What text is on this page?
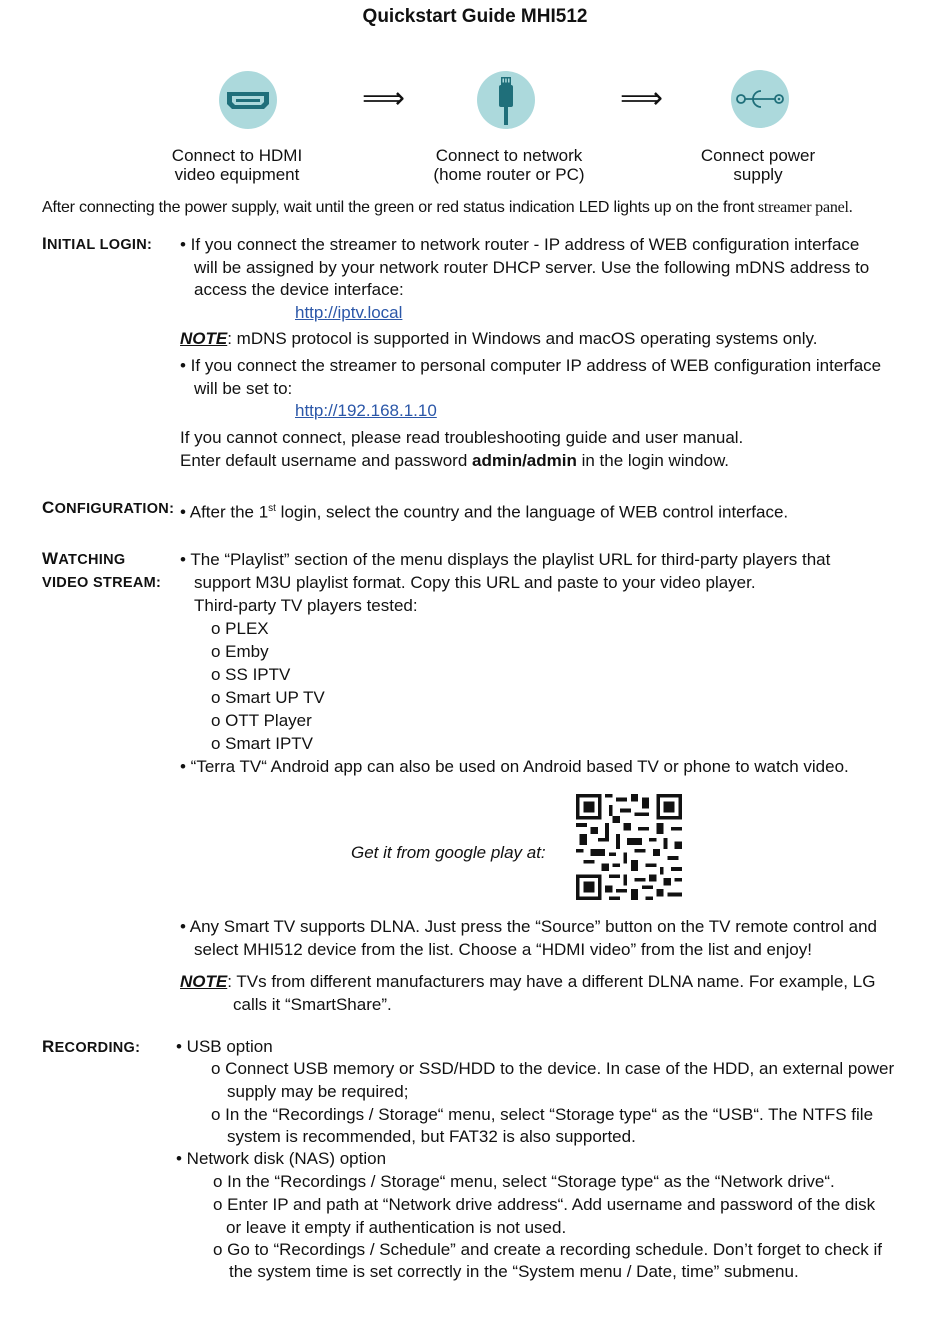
Quickstart Guide MHI512
⟹	⟹
Connect to HDMI
video equipment
Connect to network
(home router or PC)
Connect power
supply
After connecting the power supply, wait until the green or red status indication LED lights up on the front streamer panel.
INITIAL LOGIN: • If you connect the streamer to network router - IP address of WEB configuration interface
will be assigned by your network router DHCP server. Use the following mDNS address to
access the device interface:
http://iptv.local
NOTE: mDNS protocol is supported in Windows and macOS operating systems only.
• If you connect the streamer to personal computer IP address of WEB configuration interface
will be set to:
http://192.168.1.10
If you cannot connect, please read troubleshooting guide and user manual.
Enter default username and password admin/admin in the login window.
CONFIGURATION: • After the 1st login, select the country and the language of WEB control interface.
WATCHING
VIDEO STREAM:
• The “Playlist” section of the menu displays the playlist URL for third-party players that
support M3U playlist format. Copy this URL and paste to your video player.
Third-party TV players tested:
o PLEX
o Emby
o SS IPTV
o Smart UP TV
o OTT Player
o Smart IPTV
• “Terra TV“ Android app can also be used on Android based TV or phone to watch video.
Get it from google play at:
• Any Smart TV supports DLNA. Just press the “Source” button on the TV remote control and
select MHI512 device from the list. Choose a “HDMI video” from the list and enjoy!
NOTE: TVs from different manufacturers may have a different DLNA name. For example, LG
calls it “SmartShare”.
RECORDING: • USB option
o Connect USB memory or SSD/HDD to the device. In case of the HDD, an external power
supply may be required;
o In the “Recordings / Storage“ menu, select “Storage type“ as the “USB“. The NTFS file
system is recommended, but FAT32 is also supported.
• Network disk (NAS) option
o In the “Recordings / Storage“ menu, select “Storage type“ as the “Network drive“.
o Enter IP and path at “Network drive address“. Add username and password of the disk
or leave it empty if authentication is not used.
o Go to “Recordings / Schedule” and create a recording schedule. Don’t forget to check if
the system time is set correctly in the “System menu / Date, time” submenu.
